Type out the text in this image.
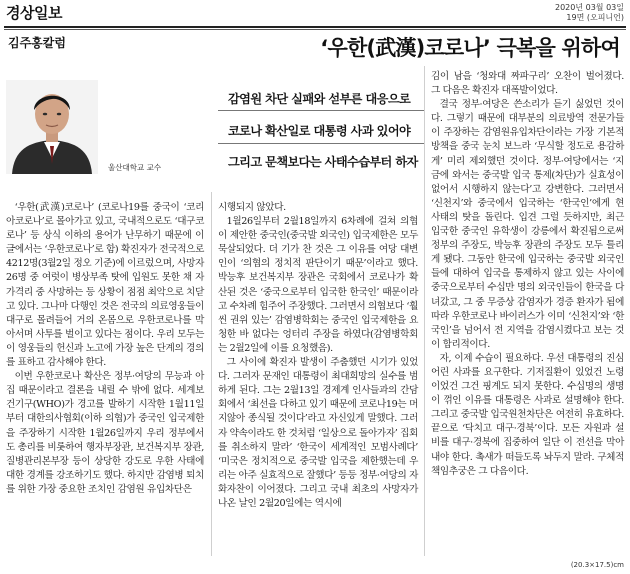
경상일보	2020년 03월 03일
19면 (오피니언)
김주홍칼럼	‘우한(武漢)코로나’ 극복을 위하여
울산대학교 교수
감염원 차단 실패와 섣부른 대응으로
코로나 확산일로 대통령 사과 있어야
그리고 문책보다는 사태수습부터 하자

‘우한(武漢)코로나’ (코로나19를 중국이 ‘코리아코로나’로 몰아가고 있고, 국내적으로도 ‘대구코로나’ 등 상식 이하의 용어가 난무하기 때문에 이 글에서는 ‘우한코로나’로 함) 확진자가 전국적으로 4212명(3월2일 정오 기준)에 이르렀으며, 사망자 26명 중 여럿이 병상부족 탓에 입원도 못한 채 자가격리 중 사망하는 등 상황이 점점 최악으로 치닫고 있다. 그나마 다행인 것은 전국의 의료영웅들이 대구로 몰려들어 거의 온몸으로 우한코로나를 막아서며 사투를 벌이고 있다는 점이다. 우리 모두는 이 영웅들의 헌신과 노고에 가장 높은 단계의 경의를 표하고 감사해야 한다.

이번 우한코로나 확산은 정부·여당의 무능과 아집 때문이라고 결론을 내릴 수 밖에 없다. 세계보건기구(WHO)가 경고를 발하기 시작한 1월11일부터 대한의사협회(이하 의협)가 중국인 입국제한을 주장하기 시작한 1월26일까지 우리 정부에서도 총리를 비롯하여 행자부장관, 보건복지부 장관, 질병관리본부장 등이 상당한 강도로 우한 사태에 대한 경계를 강조하기도 했다. 하지만 감염병 퇴치를 위한 가장 중요한 조치인 감염원 유입차단은

시행되지 않았다.

1월26일부터 2월18일까지 6차례에 걸쳐 의협이 제안한 중국인(중국발 외국인) 입국제한은 모두 묵살되었다. 더 기가 찬 것은 그 이유를 여당 대변인이 ‘의협의 정치적 판단이기 때문’이라고 했다. 박능후 보건복지부 장관은 국회에서 코로나가 확산된 것은 ‘중국으로부터 입국한 한국인’ 때문이라고 수차례 힘주어 주장했다. 그러면서 의협보다 ‘훨씬 권위 있는’ 감염병학회는 중국인 입국제한을 요청한 바 없다는 엉터리 주장을 하였다(감염병학회는 2월2일에 이를 요청했음).

그 사이에 확진자 발생이 주춤했던 시기가 있었다. 그러자 문재인 대통령이 최대희망의 실수를 범하게 된다. 그는 2월13일 경제계 인사들과의 간담회에서 ‘최선을 다하고 있기 때문에 코로나19는 머지않아 종식될 것이다’라고 자신있게 말했다. 그러자 약속이라도 한 것처럼 ‘일상으로 돌아가자’ 집회를 취소하지 말라’ ‘한국이 세계적인 모범사례다’ ‘미국은 정치적으로 중국발 입국을 제한했는데 우리는 아주 실효적으로 잘했다’ 등등 정부·여당의 자화자찬이 이어졌다. 그리고 국내 최초의 사망자가 나온 날인 2월20일에는 역시에

김이 남을 ‘청와대 짜파구리’ 오찬이 벌어졌다. 그 다음은 확진자 대폭발이었다.

결국 정부·여당은 쓴소리가 듣기 싫었던 것이다. 그렇기 때문에 대부분의 의료방역 전문가들이 주장하는 감염원유입차단이라는 가장 기본적 방책을 중국 눈치 보느라 ‘무식할 정도로 용감하게’ 미리 제외했던 것이다. 정부·여당에서는 ‘지금에 와서는 중국발 입국 통제(차단)가 실효성이 없어서 시행하지 않는다’고 강변한다. 그러면서 ‘신천지’와 중국에서 입국하는 ‘한국인’에게 현 사태의 탓을 돌린다. 입견 그럴 듯하지만, 최근 입국한 중국인 유학생이 강릉에서 확진됨으로써 정부의 주장도, 박능후 장관의 주장도 모두 틀리게 됐다. 그동안 한국에 입국하는 중국발 외국인들에 대하여 입국을 통제하지 않고 있는 사이에 중국으로부터 수십만 명의 외국인들이 한국을 다녀갔고, 그 중 무증상 감염자가 경증 환자가 됨에 따라 우한코로나 바이러스가 이미 ‘신천지’와 ‘한국인’을 넘어서 전 지역을 감염시켰다고 보는 것이 합리적이다.

자, 이제 수습이 필요하다. 우선 대통령의 진심어린 사과를 요구한다. 기저질환이 있었건 노령이었건 그건 핑계도 되지 못한다. 수십명의 생명이 꺾인 이유를 대통령은 사과로 설명해야 한다. 그리고 중국발 입국원천차단은 여전히 유효하다. 끝으로 ‘닥치고 대구·경북’이다. 모든 자원과 설비를 대구·경북에 집중하여 일단 이 전선을 막아내야 한다. 촉새가 떠들도록 놔두지 말라. 구체적 책임추궁은 그 다음이다.

(20.3×17.5)cm
